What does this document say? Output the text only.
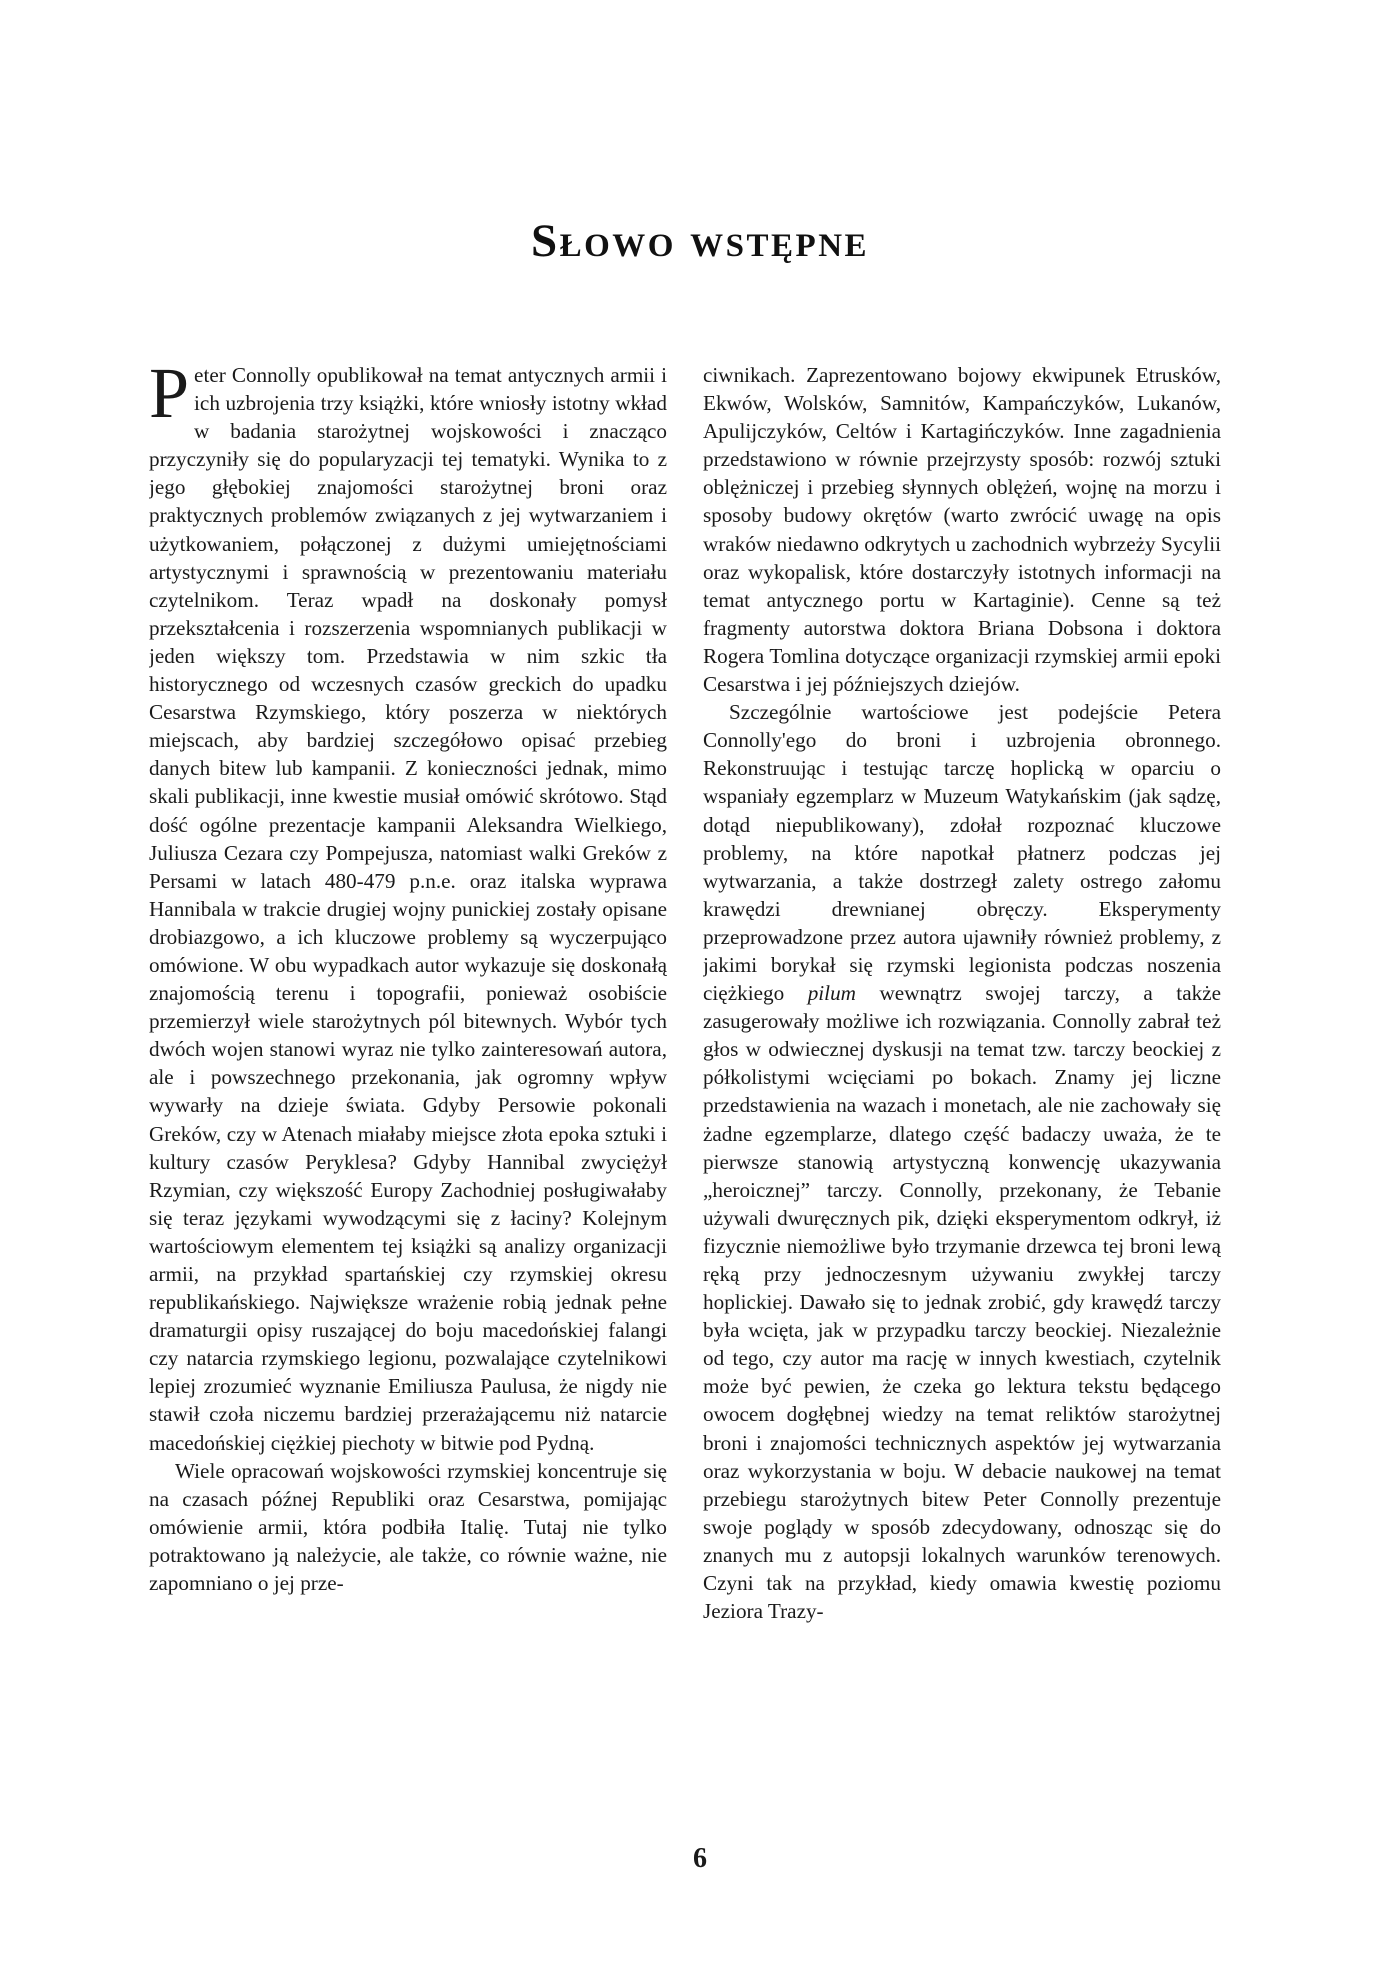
Słowo wstępne

Peter Connolly opublikował na temat antycznych armii i ich uzbrojenia trzy książki, które wniosły istotny wkład w badania starożytnej wojskowości i znacząco przyczyniły się do popularyzacji tej tematyki. Wynika to z jego głębokiej znajomości starożytnej broni oraz praktycznych problemów związanych z jej wytwarzaniem i użytkowaniem, połączonej z dużymi umiejętnościami artystycznymi i sprawnością w prezentowaniu materiału czytelnikom. Teraz wpadł na doskonały pomysł przekształcenia i rozszerzenia wspomnianych publikacji w jeden większy tom. Przedstawia w nim szkic tła historycznego od wczesnych czasów greckich do upadku Cesarstwa Rzymskiego, który poszerza w niektórych miejscach, aby bardziej szczegółowo opisać przebieg danych bitew lub kampanii. Z konieczności jednak, mimo skali publikacji, inne kwestie musiał omówić skrótowo. Stąd dość ogólne prezentacje kampanii Aleksandra Wielkiego, Juliusza Cezara czy Pompejusza, natomiast walki Greków z Persami w latach 480-479 p.n.e. oraz italska wyprawa Hannibala w trakcie drugiej wojny punickiej zostały opisane drobiazgowo, a ich kluczowe problemy są wyczerpująco omówione. W obu wypadkach autor wykazuje się doskonałą znajomością terenu i topografii, ponieważ osobiście przemierzył wiele starożytnych pól bitewnych. Wybór tych dwóch wojen stanowi wyraz nie tylko zainteresowań autora, ale i powszechnego przekonania, jak ogromny wpływ wywarły na dzieje świata. Gdyby Persowie pokonali Greków, czy w Atenach miałaby miejsce złota epoka sztuki i kultury czasów Peryklesa? Gdyby Hannibal zwyciężył Rzymian, czy większość Europy Zachodniej posługiwałaby się teraz językami wywodzącymi się z łaciny? Kolejnym wartościowym elementem tej książki są analizy organizacji armii, na przykład spartańskiej czy rzymskiej okresu republikańskiego. Największe wrażenie robią jednak pełne dramaturgii opisy ruszającej do boju macedońskiej falangi czy natarcia rzymskiego legionu, pozwalające czytelnikowi lepiej zrozumieć wyznanie Emiliusza Paulusa, że nigdy nie stawił czoła niczemu bardziej przerażającemu niż natarcie macedońskiej ciężkiej piechoty w bitwie pod Pydną.

Wiele opracowań wojskowości rzymskiej koncentruje się na czasach późnej Republiki oraz Cesarstwa, pomijając omówienie armii, która podbiła Italię. Tutaj nie tylko potraktowano ją należycie, ale także, co równie ważne, nie zapomniano o jej prze-

ciwnikach. Zaprezentowano bojowy ekwipunek Etrusków, Ekwów, Wolsków, Samnitów, Kampańczyków, Lukanów, Apulijczyków, Celtów i Kartagińczyków. Inne zagadnienia przedstawiono w równie przejrzysty sposób: rozwój sztuki oblężniczej i przebieg słynnych oblężeń, wojnę na morzu i sposoby budowy okrętów (warto zwrócić uwagę na opis wraków niedawno odkrytych u zachodnich wybrzeży Sycylii oraz wykopalisk, które dostarczyły istotnych informacji na temat antycznego portu w Kartaginie). Cenne są też fragmenty autorstwa doktora Briana Dobsona i doktora Rogera Tomlina dotyczące organizacji rzymskiej armii epoki Cesarstwa i jej późniejszych dziejów.

Szczególnie wartościowe jest podejście Petera Connolly'ego do broni i uzbrojenia obronnego. Rekonstruując i testując tarczę hoplicką w oparciu o wspaniały egzemplarz w Muzeum Watykańskim (jak sądzę, dotąd niepublikowany), zdołał rozpoznać kluczowe problemy, na które napotkał płatnerz podczas jej wytwarzania, a także dostrzegł zalety ostrego załomu krawędzi drewnianej obręczy. Eksperymenty przeprowadzone przez autora ujawniły również problemy, z jakimi borykał się rzymski legionista podczas noszenia ciężkiego pilum wewnątrz swojej tarczy, a także zasugerowały możliwe ich rozwiązania. Connolly zabrał też głos w odwiecznej dyskusji na temat tzw. tarczy beockiej z półkolistymi wcięciami po bokach. Znamy jej liczne przedstawienia na wazach i monetach, ale nie zachowały się żadne egzemplarze, dlatego część badaczy uważa, że te pierwsze stanowią artystyczną konwencję ukazywania „heroicznej” tarczy. Connolly, przekonany, że Tebanie używali dwuręcznych pik, dzięki eksperymentom odkrył, iż fizycznie niemożliwe było trzymanie drzewca tej broni lewą ręką przy jednoczesnym używaniu zwykłej tarczy hoplickiej. Dawało się to jednak zrobić, gdy krawędź tarczy była wcięta, jak w przypadku tarczy beockiej. Niezależnie od tego, czy autor ma rację w innych kwestiach, czytelnik może być pewien, że czeka go lektura tekstu będącego owocem dogłębnej wiedzy na temat reliktów starożytnej broni i znajomości technicznych aspektów jej wytwarzania oraz wykorzystania w boju. W debacie naukowej na temat przebiegu starożytnych bitew Peter Connolly prezentuje swoje poglądy w sposób zdecydowany, odnosząc się do znanych mu z autopsji lokalnych warunków terenowych. Czyni tak na przykład, kiedy omawia kwestię poziomu Jeziora Trazy-

6
